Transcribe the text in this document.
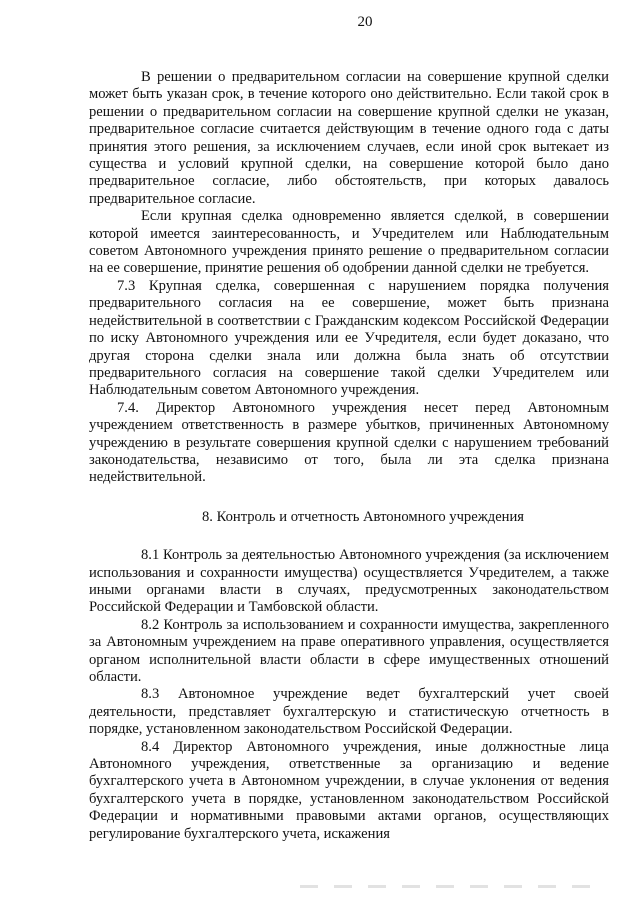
20

В решении о предварительном согласии на совершение крупной сделки может быть указан срок, в течение которого оно действительно. Если такой срок в решении о предварительном согласии на совершение крупной сделки не указан, предварительное согласие считается действующим в течение одного года с даты принятия этого решения, за исключением случаев, если иной срок вытекает из существа и условий крупной сделки, на совершение которой было дано предварительное согласие, либо обстоятельств, при которых давалось предварительное согласие.

Если крупная сделка одновременно является сделкой, в совершении которой имеется заинтересованность, и Учредителем или Наблюдательным советом Автономного учреждения принято решение о предварительном согласии на ее совершение, принятие решения об одобрении данной сделки не требуется.

7.3 Крупная сделка, совершенная с нарушением порядка получения предварительного согласия на ее совершение, может быть признана недействительной в соответствии с Гражданским кодексом Российской Федерации по иску Автономного учреждения или ее Учредителя, если будет доказано, что другая сторона сделки знала или должна была знать об отсутствии предварительного согласия на совершение такой сделки Учредителем или Наблюдательным советом Автономного учреждения.

7.4. Директор Автономного учреждения несет перед Автономным учреждением ответственность в размере убытков, причиненных Автономному учреждению в результате совершения крупной сделки с нарушением требований законодательства, независимо от того, была ли эта сделка признана недействительной.

8. Контроль и отчетность Автономного учреждения

8.1 Контроль за деятельностью Автономного учреждения (за исключением использования и сохранности имущества) осуществляется Учредителем, а также иными органами власти в случаях, предусмотренных законодательством Российской Федерации и Тамбовской области.

8.2 Контроль за использованием и сохранности имущества, закрепленного за Автономным учреждением на праве оперативного управления, осуществляется органом исполнительной власти области в сфере имущественных отношений области.

8.3 Автономное учреждение ведет бухгалтерский учет своей деятельности, представляет бухгалтерскую и статистическую отчетность в порядке, установленном законодательством Российской Федерации.

8.4 Директор Автономного учреждения, иные должностные лица Автономного учреждения, ответственные за организацию и ведение бухгалтерского учета в Автономном учреждении, в случае уклонения от ведения бухгалтерского учета в порядке, установленном законодательством Российской Федерации и нормативными правовыми актами органов, осуществляющих регулирование бухгалтерского учета, искажения
